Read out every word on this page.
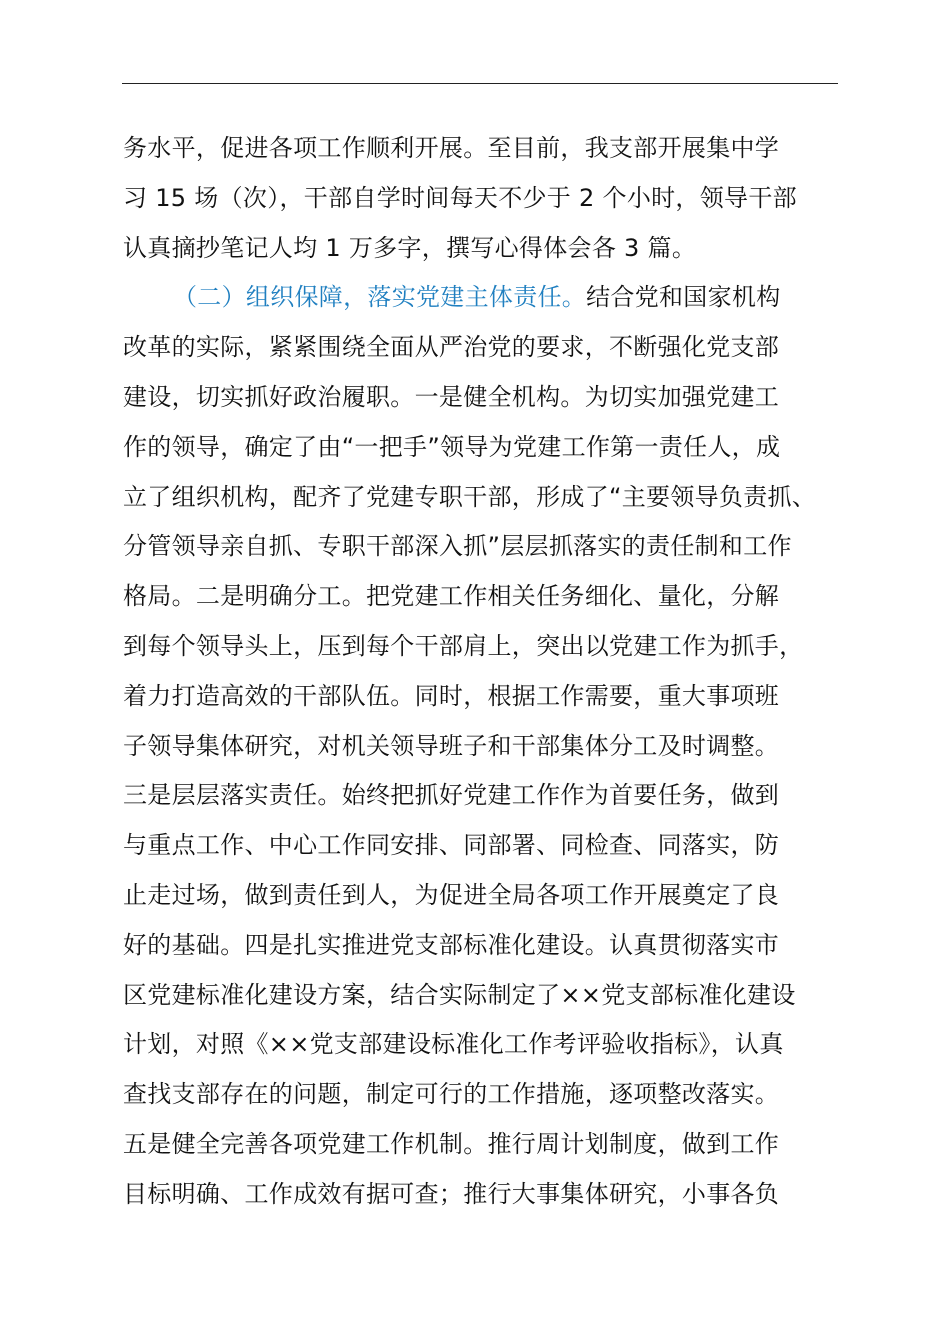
务水平，促进各项工作顺利开展。至目前，我支部开展集中学
习 15 场（次），干部自学时间每天不少于 2 个小时，领导干部
认真摘抄笔记人均 1 万多字，撰写心得体会各 3 篇。
（二）组织保障，落实党建主体责任。结合党和国家机构
改革的实际，紧紧围绕全面从严治党的要求，不断强化党支部
建设，切实抓好政治履职。一是健全机构。为切实加强党建工
作的领导，确定了由“一把手”领导为党建工作第一责任人，成
立了组织机构，配齐了党建专职干部，形成了“主要领导负责抓、
分管领导亲自抓、专职干部深入抓”层层抓落实的责任制和工作
格局。二是明确分工。把党建工作相关任务细化、量化，分解
到每个领导头上，压到每个干部肩上，突出以党建工作为抓手，
着力打造高效的干部队伍。同时，根据工作需要，重大事项班
子领导集体研究，对机关领导班子和干部集体分工及时调整。
三是层层落实责任。始终把抓好党建工作作为首要任务，做到
与重点工作、中心工作同安排、同部署、同检查、同落实，防
止走过场，做到责任到人，为促进全局各项工作开展奠定了良
好的基础。四是扎实推进党支部标准化建设。认真贯彻落实市
区党建标准化建设方案，结合实际制定了××党支部标准化建设
计划，对照《××党支部建设标准化工作考评验收指标》，认真
查找支部存在的问题，制定可行的工作措施，逐项整改落实。
五是健全完善各项党建工作机制。推行周计划制度，做到工作
目标明确、工作成效有据可查；推行大事集体研究，小事各负
